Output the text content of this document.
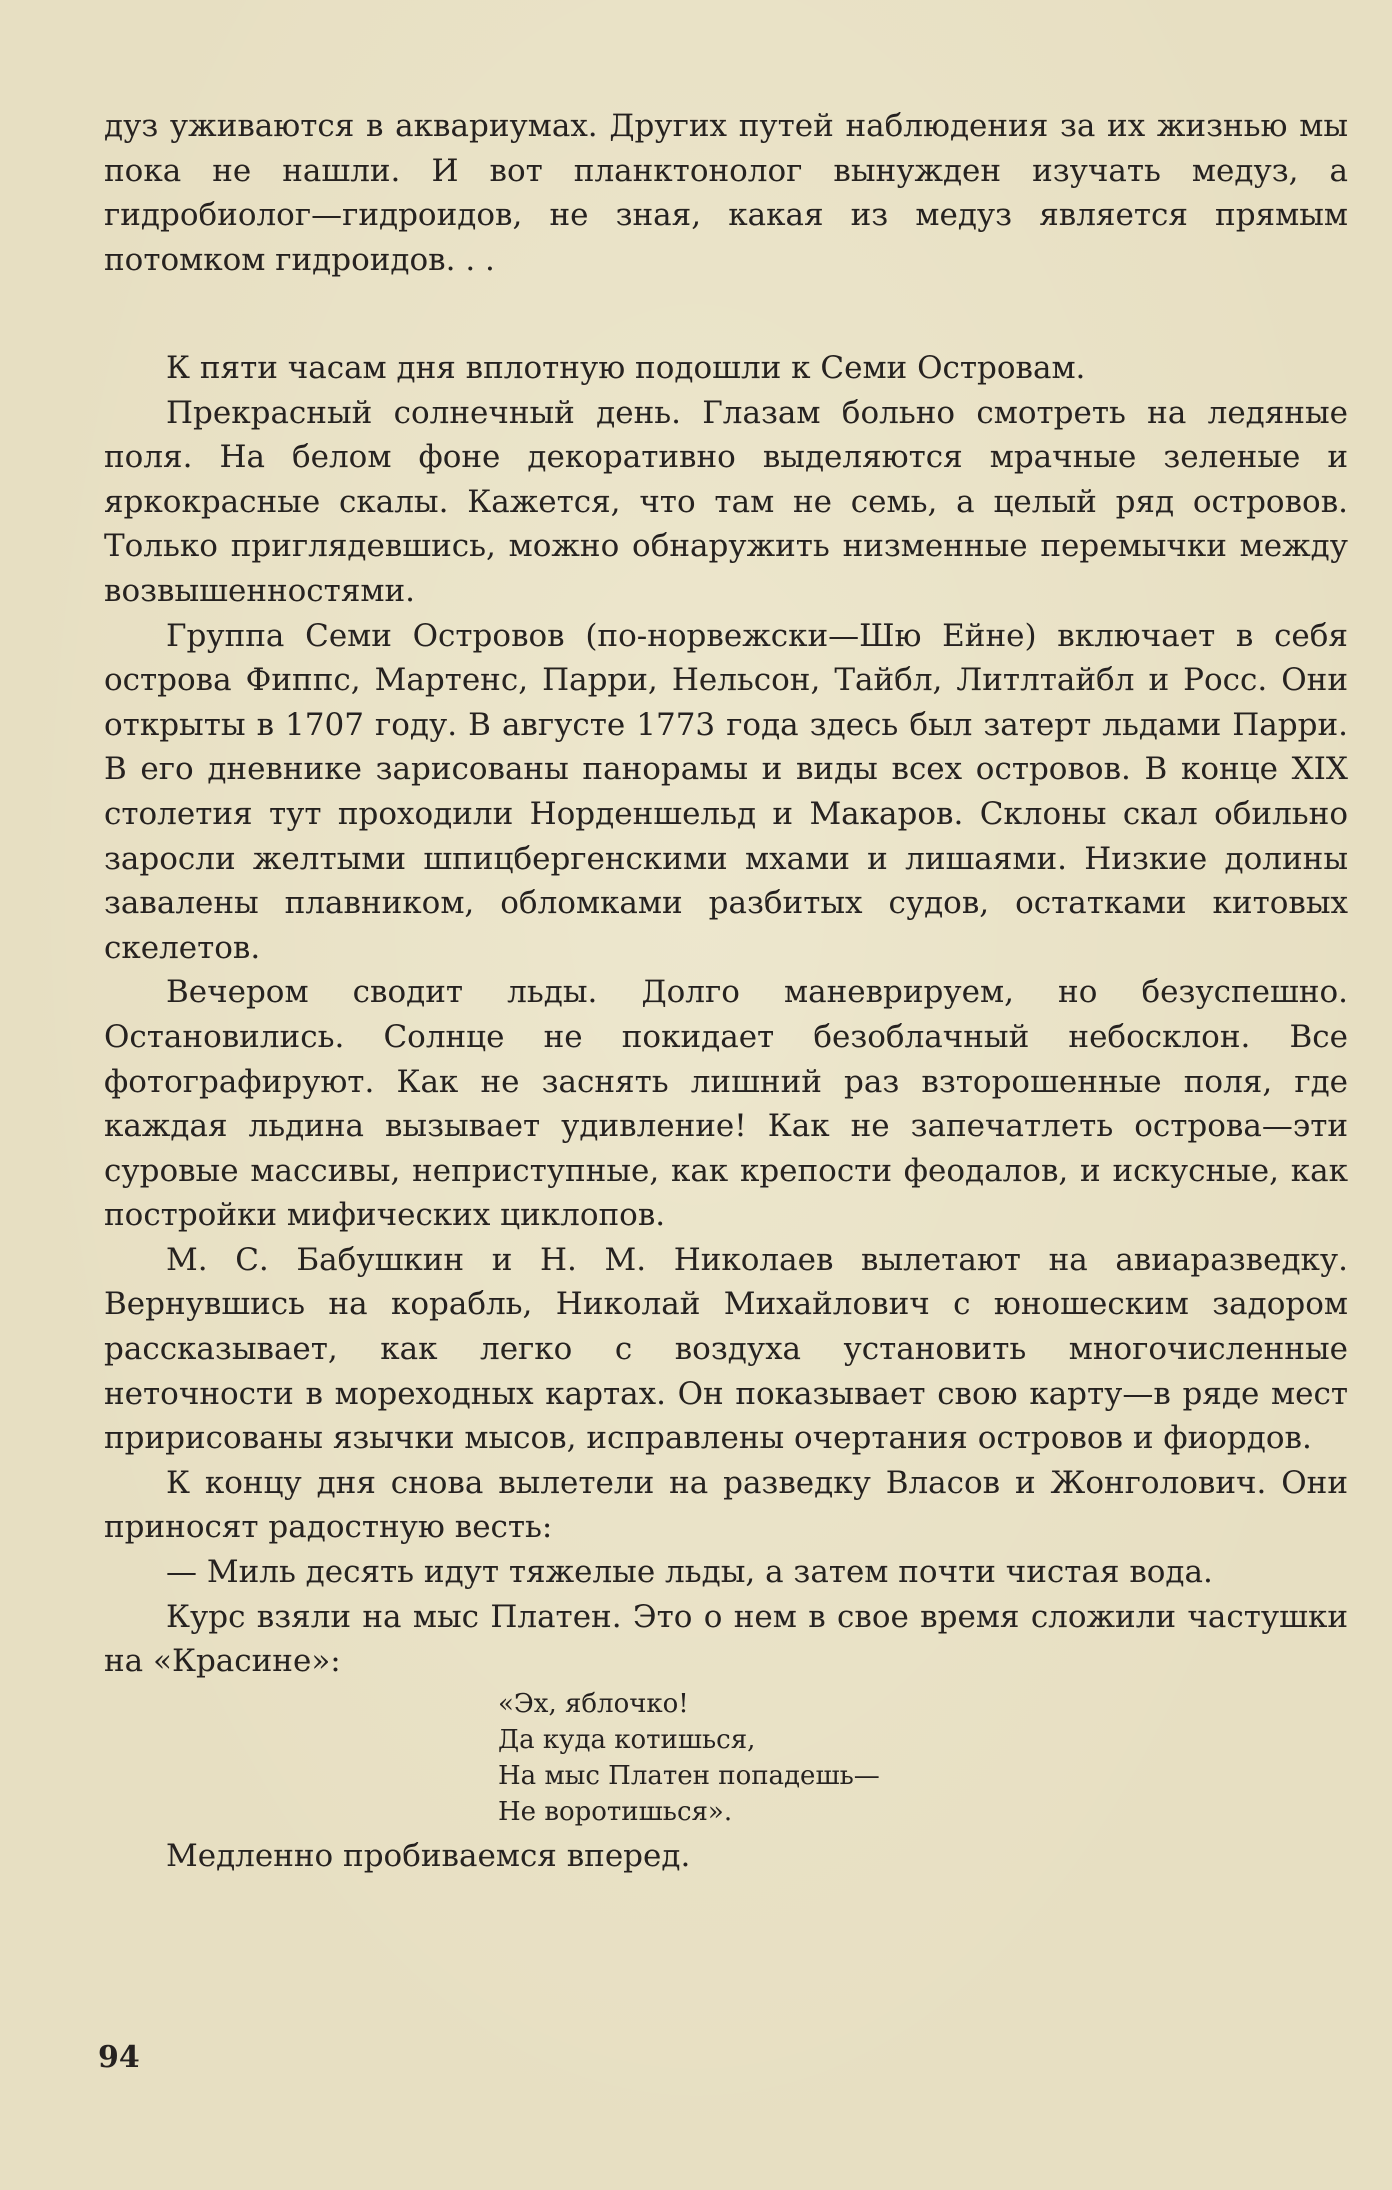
дуз уживаются в аквариумах. Других путей наблюдения за их жизнью мы пока не нашли. И вот планктонолог вынужден изучать медуз, а гидробиолог—гидроидов, не зная, какая из медуз является прямым потомком гидроидов. . .

К пяти часам дня вплотную подошли к Семи Островам.

Прекрасный солнечный день. Глазам больно смотреть на ледяные поля. На белом фоне декоративно выделяются мрачные зеленые и яркокрасные скалы. Кажется, что там не семь, а целый ряд островов. Только приглядевшись, можно обнаружить низменные перемычки между возвышенностями.

Группа Семи Островов (по-норвежски—Шю Ейне) включает в себя острова Фиппс, Мартенс, Парри, Нельсон, Тайбл, Литлтайбл и Росс. Они открыты в 1707 году. В августе 1773 года здесь был затерт льдами Парри. В его дневнике зарисованы панорамы и виды всех островов. В конце XIX столетия тут проходили Норденшельд и Макаров. Склоны скал обильно заросли желтыми шпицбергенскими мхами и лишаями. Низкие долины завалены плавником, обломками разбитых судов, остатками китовых скелетов.

Вечером сводит льды. Долго маневрируем, но безуспешно. Остановились. Солнце не покидает безоблачный небосклон. Все фотографируют. Как не заснять лишний раз взторошенные поля, где каждая льдина вызывает удивление! Как не запечатлеть острова—эти суровые массивы, неприступные, как крепости феодалов, и искусные, как постройки мифических циклопов.

М. С. Бабушкин и Н. М. Николаев вылетают на авиаразведку. Вернувшись на корабль, Николай Михайлович с юношеским задором рассказывает, как легко с воздуха установить многочисленные неточности в мореходных картах. Он показывает свою карту—в ряде мест пририсованы язычки мысов, исправлены очертания островов и фиордов.

К концу дня снова вылетели на разведку Власов и Жонголович. Они приносят радостную весть:

— Миль десять идут тяжелые льды, а затем почти чистая вода.

Курс взяли на мыс Платен. Это о нем в свое время сложили частушки на «Красине»:

«Эх, яблочко!
Да куда котишься,
На мыс Платен попадешь—
Не воротишься».

Медленно пробиваемся вперед.

94
